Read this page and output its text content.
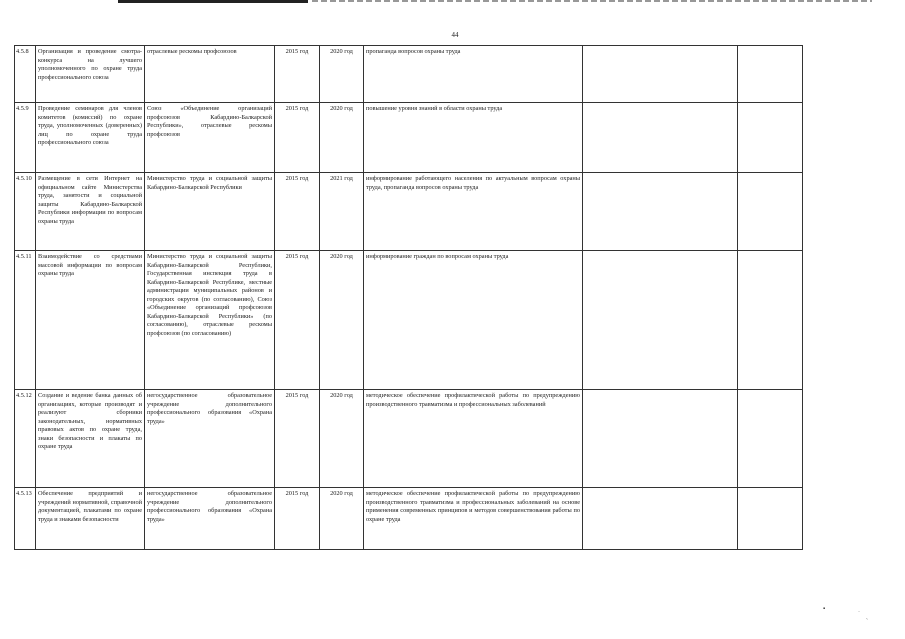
44
4.5.8	Организация и проведение смотра-конкурса на лучшего уполномоченного по охране труда профессионального союза	отраслевые рескомы профсоюзов	2015 год	2020 год	пропаганда вопросов охраны труда		
4.5.9	Проведение семинаров для членов комитетов (комиссий) по охране труда, уполномоченных (доверенных) лиц по охране труда профессионального союза	Союз «Объединение организаций профсоюзов Кабардино-Балкарской Республики», отраслевые рескомы профсоюзов	2015 год	2020 год	повышение уровня знаний в области охраны труда		
4.5.10	Размещение в сети Интернет на официальном сайте Министерства труда, занятости и социальной защиты Кабардино-Балкарской Республики информации по вопросам охраны труда	Министерство труда и социальной защиты Кабардино-Балкарской Республики	2015 год	2021 год	информирование работающего населения по актуальным вопросам охраны труда, пропаганда вопросов охраны труда		
4.5.11	Взаимодействие со средствами массовой информации по вопросам охраны труда	Министерство труда и социальной защиты Кабардино-Балкарской Республики, Государственная инспекция труда в Кабардино-Балкарской Республике, местные администрации муниципальных районов и городских округов (по согласованию), Союз «Объединение организаций профсоюзов Кабардино-Балкарской Республики» (по согласованию), отраслевые рескомы профсоюзов (по согласованию)	2015 год	2020 год	информирование граждан по вопросам охраны труда		
4.5.12	Создание и ведение банка данных об организациях, которые производят и реализуют сборники законодательных, нормативных правовых актов по охране труда, знаки безопасности и плакаты по охране труда	негосударственное образовательное учреждение дополнительного профессионального образования «Охрана труда»	2015 год	2020 год	методическое обеспечение профилактической работы по предупреждению производственного травматизма и профессиональных заболеваний		
4.5.13	Обеспечение предприятий и учреждений нормативной, справочной документацией, плакатами по охране труда и знаками безопасности	негосударственное образовательное учреждение дополнительного профессионального образования «Охрана труда»	2015 год	2020 год	методическое обеспечение профилактической работы по предупреждению производственного травматизма и профессиональных заболеваний на основе применения современных принципов и методов совершенствования работы по охране труда		
▪
˙ ˎ
